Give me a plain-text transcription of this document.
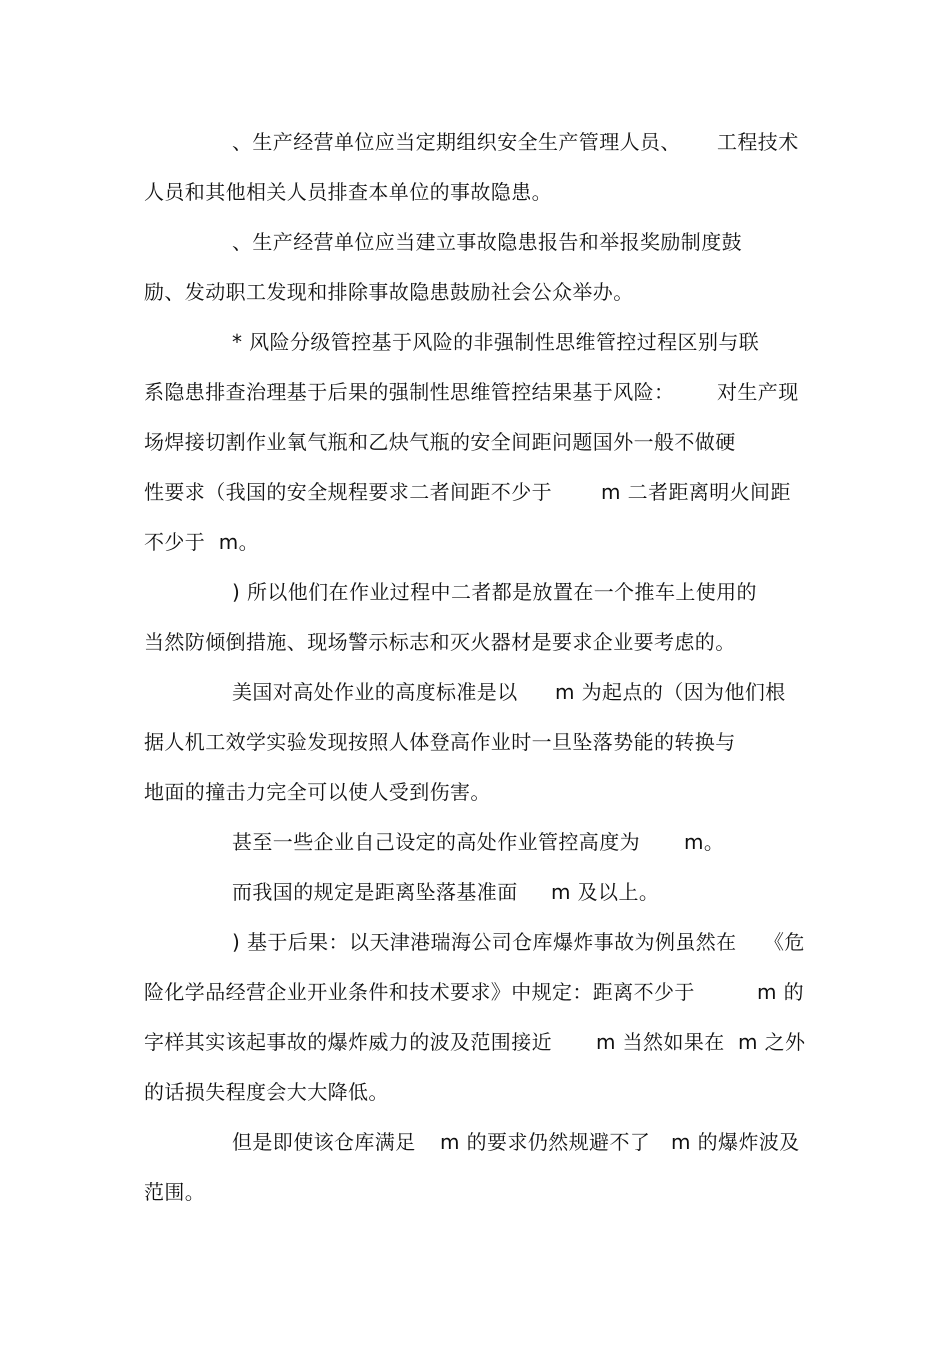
、生产经营单位应当定期组织安全生产管理人员、

工程技术

人员和其他相关人员排查本单位的事故隐患。

、生产经营单位应当建立事故隐患报告和举报奖励制度鼓

励、发动职工发现和排除事故隐患鼓励社会公众举办。

* 风险分级管控基于风险的非强制性思维管控过程区别与联

系隐患排查治理基于后果的强制性思维管控结果基于风险：

对生产现

场焊接切割作业氧气瓶和乙炔气瓶的安全间距问题国外一般不做硬

性要求（我国的安全规程要求二者间距不少于

m 二者距离明火间距

不少于  m。

) 所以他们在作业过程中二者都是放置在一个推车上使用的

当然防倾倒措施、现场警示标志和灭火器材是要求企业要考虑的。

美国对高处作业的高度标准是以

m 为起点的（因为他们根

据人机工效学实验发现按照人体登高作业时一旦坠落势能的转换与

地面的撞击力完全可以使人受到伤害。

甚至一些企业自己设定的高处作业管控高度为

m。

而我国的规定是距离坠落基准面

m 及以上。

) 基于后果：以天津港瑞海公司仓库爆炸事故为例虽然在

《危

险化学品经营企业开业条件和技术要求》中规定：距离不少于

	m 的

字样其实该起事故的爆炸威力的波及范围接近

m 当然如果在

m 之外

的话损失程度会大大降低。

但是即使该仓库满足

m 的要求仍然规避不了

m 的爆炸波及

范围。
